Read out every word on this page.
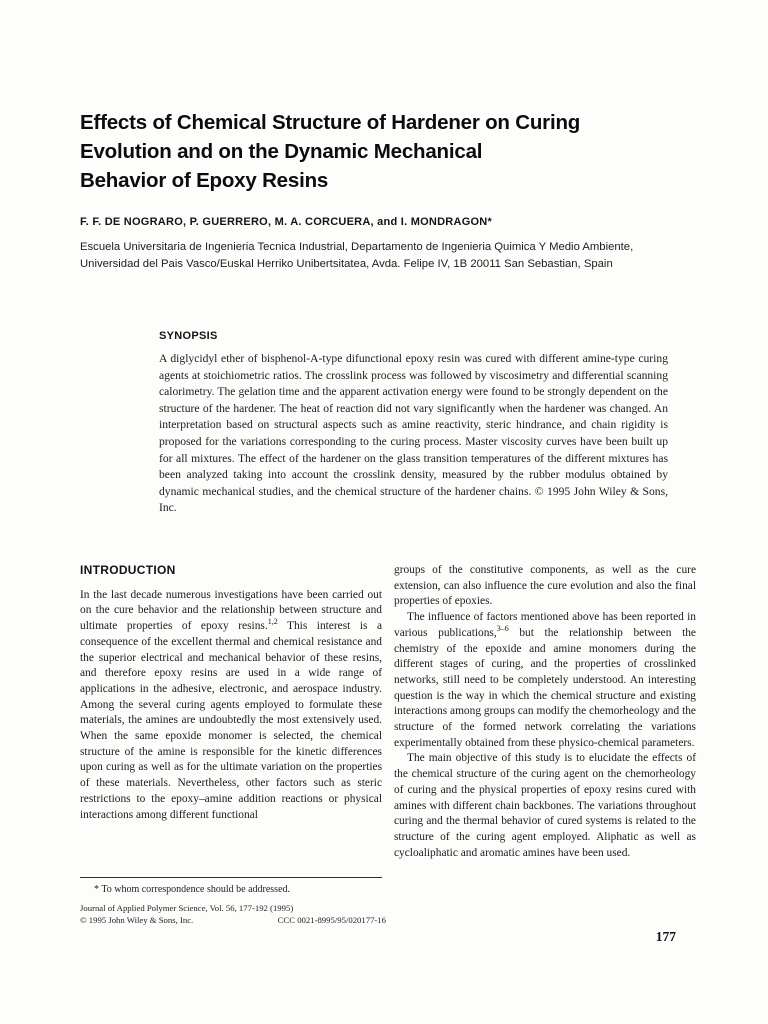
Effects of Chemical Structure of Hardener on Curing
Evolution and on the Dynamic Mechanical
Behavior of Epoxy Resins
F. F. DE NOGRARO, P. GUERRERO, M. A. CORCUERA, and I. MONDRAGON*
Escuela Universitaria de Ingenieria Tecnica Industrial, Departamento de Ingenieria Quimica Y Medio Ambiente,
Universidad del Pais Vasco/Euskal Herriko Unibertsitatea, Avda. Felipe IV, 1B 20011 San Sebastian, Spain
SYNOPSIS
A diglycidyl ether of bisphenol-A-type difunctional epoxy resin was cured with different amine-type curing agents at stoichiometric ratios. The crosslink process was followed by viscosimetry and differential scanning calorimetry. The gelation time and the apparent activation energy were found to be strongly dependent on the structure of the hardener. The heat of reaction did not vary significantly when the hardener was changed. An interpretation based on structural aspects such as amine reactivity, steric hindrance, and chain rigidity is proposed for the variations corresponding to the curing process. Master viscosity curves have been built up for all mixtures. The effect of the hardener on the glass transition temperatures of the different mixtures has been analyzed taking into account the crosslink density, measured by the rubber modulus obtained by dynamic mechanical studies, and the chemical structure of the hardener chains. © 1995 John Wiley & Sons, Inc.
INTRODUCTION

In the last decade numerous investigations have been carried out on the cure behavior and the relationship between structure and ultimate properties of epoxy resins.$^{1,2}$ This interest is a consequence of the excellent thermal and chemical resistance and the superior electrical and mechanical behavior of these resins, and therefore epoxy resins are used in a wide range of applications in the adhesive, electronic, and aerospace industry. Among the several curing agents employed to formulate these materials, the amines are undoubtedly the most extensively used. When the same epoxide monomer is selected, the chemical structure of the amine is responsible for the kinetic differences upon curing as well as for the ultimate variation on the properties of these materials. Nevertheless, other factors such as steric restrictions to the epoxy–amine addition reactions or physical interactions among different functional

groups of the constitutive components, as well as the cure extension, can also influence the cure evolution and also the final properties of epoxies.

The influence of factors mentioned above has been reported in various publications,$^{3-6}$ but the relationship between the chemistry of the epoxide and amine monomers during the different stages of curing, and the properties of crosslinked networks, still need to be completely understood. An interesting question is the way in which the chemical structure and existing interactions among groups can modify the chemorheology and the structure of the formed network correlating the variations experimentally obtained from these physico-chemical parameters.

The main objective of this study is to elucidate the effects of the chemical structure of the curing agent on the chemorheology of curing and the physical properties of epoxy resins cured with amines with different chain backbones. The variations throughout curing and the thermal behavior of cured systems is related to the structure of the curing agent employed. Aliphatic as well as cycloaliphatic and aromatic amines have been used.

* To whom correspondence should be addressed.
Journal of Applied Polymer Science, Vol. 56, 177-192 (1995)
© 1995 John Wiley & Sons, Inc.	CCC 0021-8995/95/020177-16
177
